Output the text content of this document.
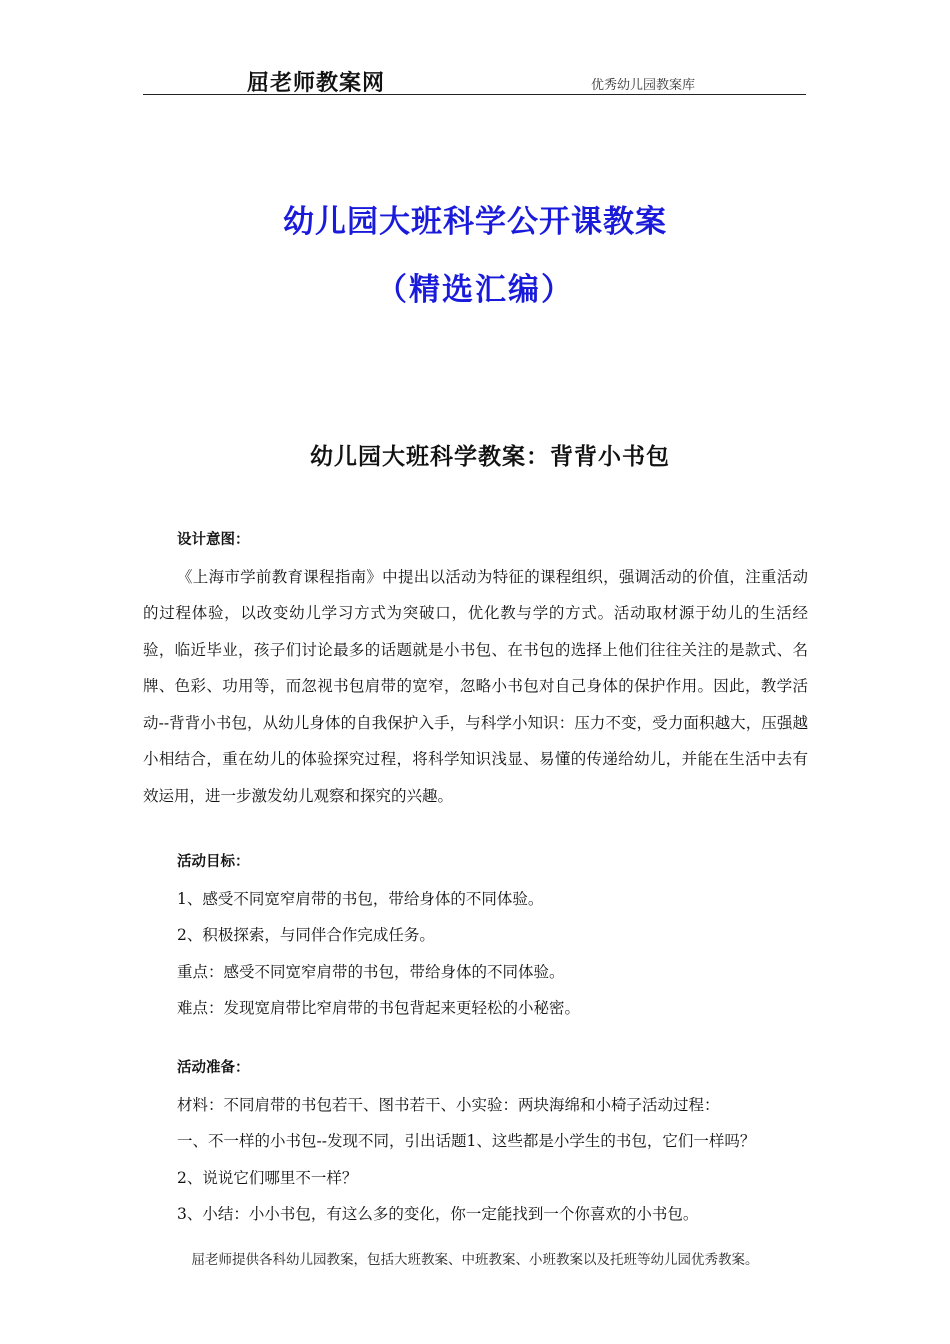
屈老师教案网	优秀幼儿园教案库
幼儿园大班科学公开课教案
（精选汇编）
幼儿园大班科学教案：背背小书包
设计意图：

《上海市学前教育课程指南》中提出以活动为特征的课程组织，强调活动的价值，注重活动的过程体验，以改变幼儿学习方式为突破口，优化教与学的方式。活动取材源于幼儿的生活经验，临近毕业，孩子们讨论最多的话题就是小书包、在书包的选择上他们往往关注的是款式、名牌、色彩、功用等，而忽视书包肩带的宽窄，忽略小书包对自己身体的保护作用。因此，教学活动--背背小书包，从幼儿身体的自我保护入手，与科学小知识：压力不变，受力面积越大，压强越小相结合，重在幼儿的体验探究过程，将科学知识浅显、易懂的传递给幼儿，并能在生活中去有效运用，进一步激发幼儿观察和探究的兴趣。

活动目标：
1、感受不同宽窄肩带的书包，带给身体的不同体验。
2、积极探索，与同伴合作完成任务。
重点：感受不同宽窄肩带的书包，带给身体的不同体验。
难点：发现宽肩带比窄肩带的书包背起来更轻松的小秘密。
活动准备：
材料：不同肩带的书包若干、图书若干、小实验：两块海绵和小椅子活动过程：
一、不一样的小书包--发现不同，引出话题1、这些都是小学生的书包，它们一样吗？
2、说说它们哪里不一样？
3、小结：小小书包，有这么多的变化，你一定能找到一个你喜欢的小书包。
屈老师提供各科幼儿园教案，包括大班教案、中班教案、小班教案以及托班等幼儿园优秀教案。
